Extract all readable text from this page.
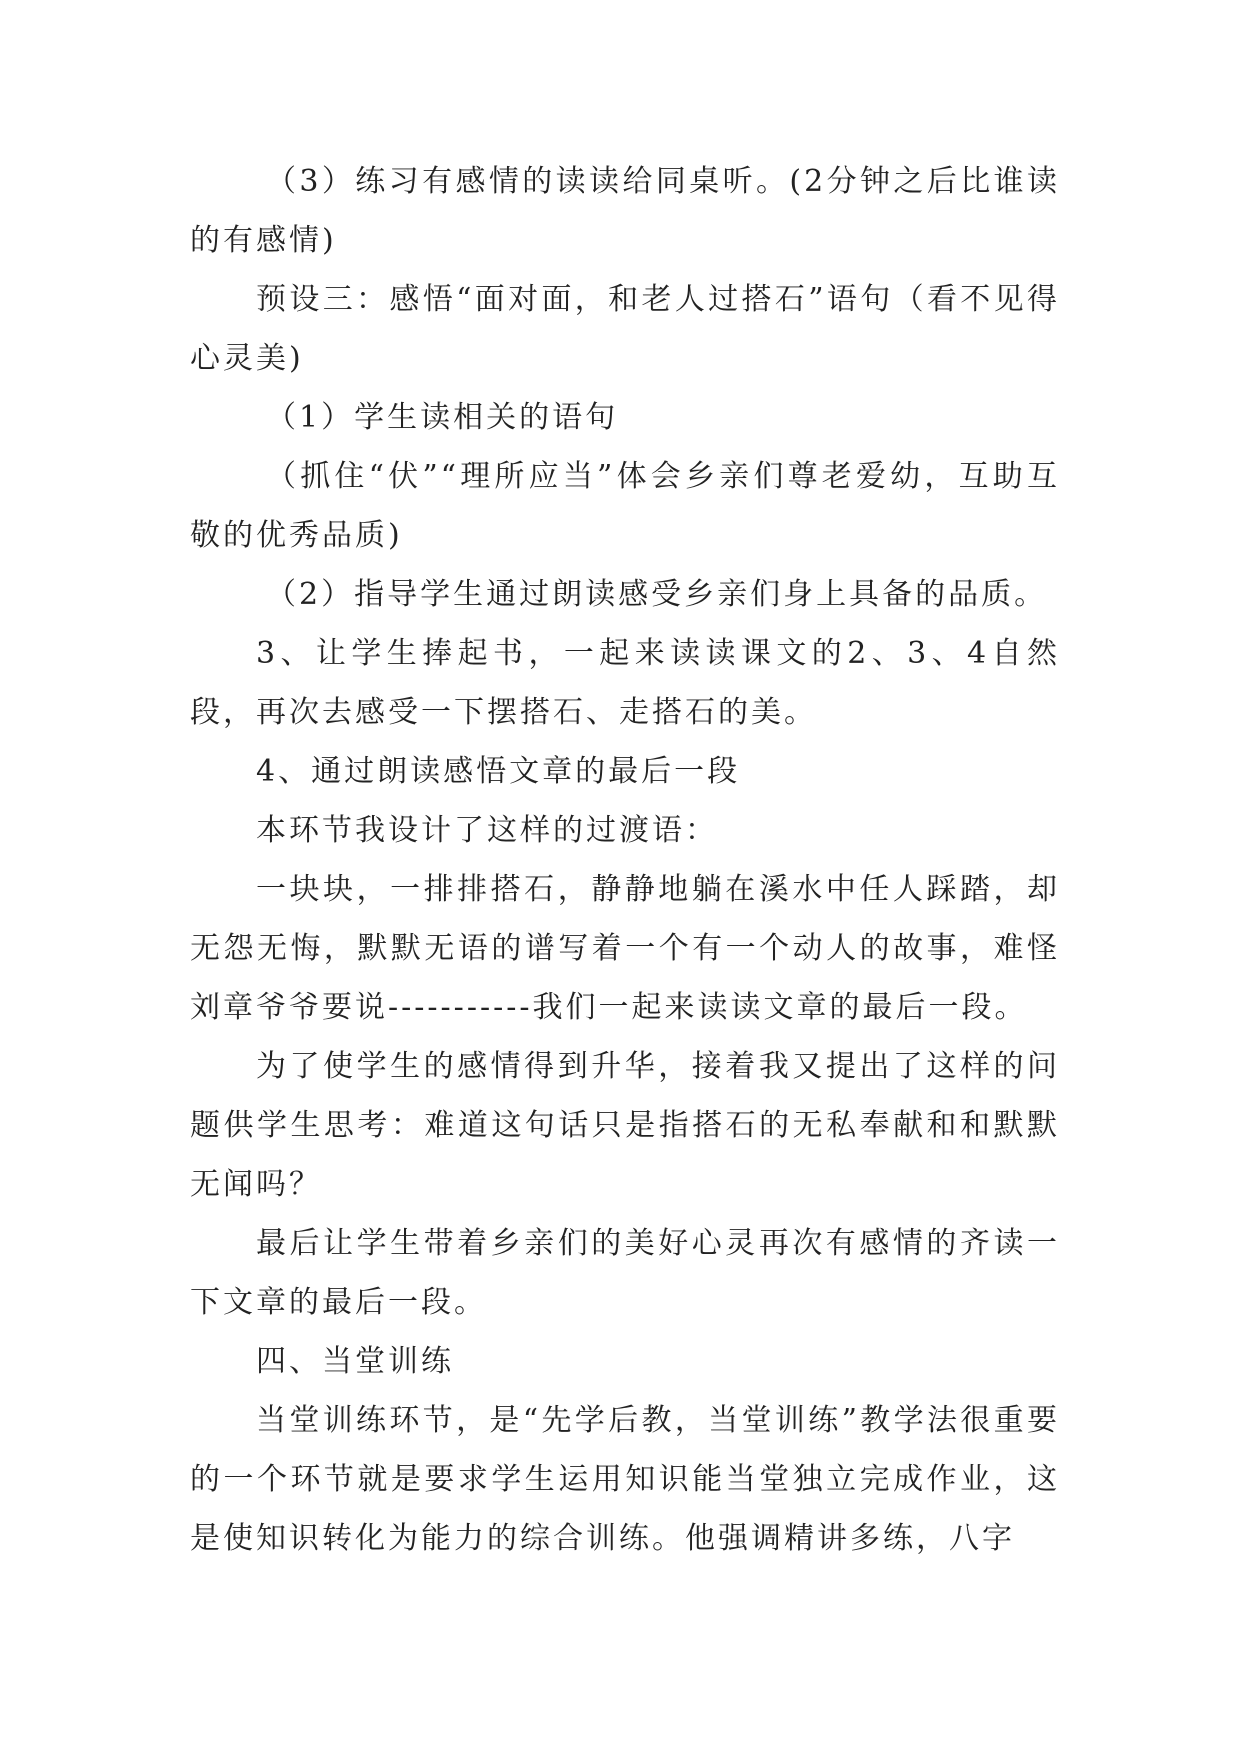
（3）练习有感情的读读给同桌听。(2分钟之后比谁读的有感情)

预设三：感悟“面对面，和老人过搭石”语句（看不见得心灵美)

（1）学生读相关的语句

（抓住“伏”“理所应当”体会乡亲们尊老爱幼，互助互敬的优秀品质)

（2）指导学生通过朗读感受乡亲们身上具备的品质。

3、让学生捧起书，一起来读读课文的2、3、4自然段，再次去感受一下摆搭石、走搭石的美。

4、通过朗读感悟文章的最后一段

本环节我设计了这样的过渡语：

一块块，一排排搭石，静静地躺在溪水中任人踩踏，却无怨无悔，默默无语的谱写着一个有一个动人的故事，难怪刘章爷爷要说-----------我们一起来读读文章的最后一段。

为了使学生的感情得到升华，接着我又提出了这样的问题供学生思考：难道这句话只是指搭石的无私奉献和和默默无闻吗？

最后让学生带着乡亲们的美好心灵再次有感情的齐读一下文章的最后一段。

四、当堂训练

当堂训练环节，是“先学后教，当堂训练”教学法很重要的一个环节就是要求学生运用知识能当堂独立完成作业，这是使知识转化为能力的综合训练。他强调精讲多练，八字
